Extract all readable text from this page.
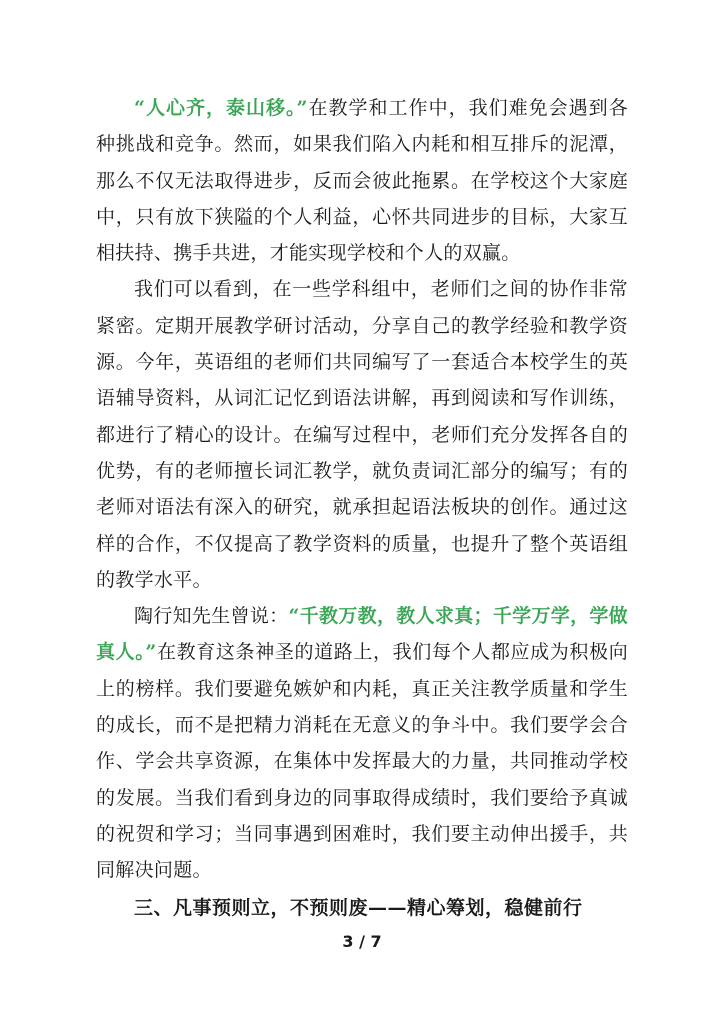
“人心齐，泰山移。”在教学和工作中，我们难免会遇到各种挑战和竞争。然而，如果我们陷入内耗和相互排斥的泥潭，那么不仅无法取得进步，反而会彼此拖累。在学校这个大家庭中，只有放下狭隘的个人利益，心怀共同进步的目标，大家互相扶持、携手共进，才能实现学校和个人的双赢。

我们可以看到，在一些学科组中，老师们之间的协作非常紧密。定期开展教学研讨活动，分享自己的教学经验和教学资源。今年，英语组的老师们共同编写了一套适合本校学生的英语辅导资料，从词汇记忆到语法讲解，再到阅读和写作训练，都进行了精心的设计。在编写过程中，老师们充分发挥各自的优势，有的老师擅长词汇教学，就负责词汇部分的编写；有的老师对语法有深入的研究，就承担起语法板块的创作。通过这样的合作，不仅提高了教学资料的质量，也提升了整个英语组的教学水平。

陶行知先生曾说：“千教万教，教人求真；千学万学，学做真人。”在教育这条神圣的道路上，我们每个人都应成为积极向上的榜样。我们要避免嫉妒和内耗，真正关注教学质量和学生的成长，而不是把精力消耗在无意义的争斗中。我们要学会合作、学会共享资源，在集体中发挥最大的力量，共同推动学校的发展。当我们看到身边的同事取得成绩时，我们要给予真诚的祝贺和学习；当同事遇到困难时，我们要主动伸出援手，共同解决问题。

三、凡事预则立，不预则废——精心筹划，稳健前行
3 / 7
